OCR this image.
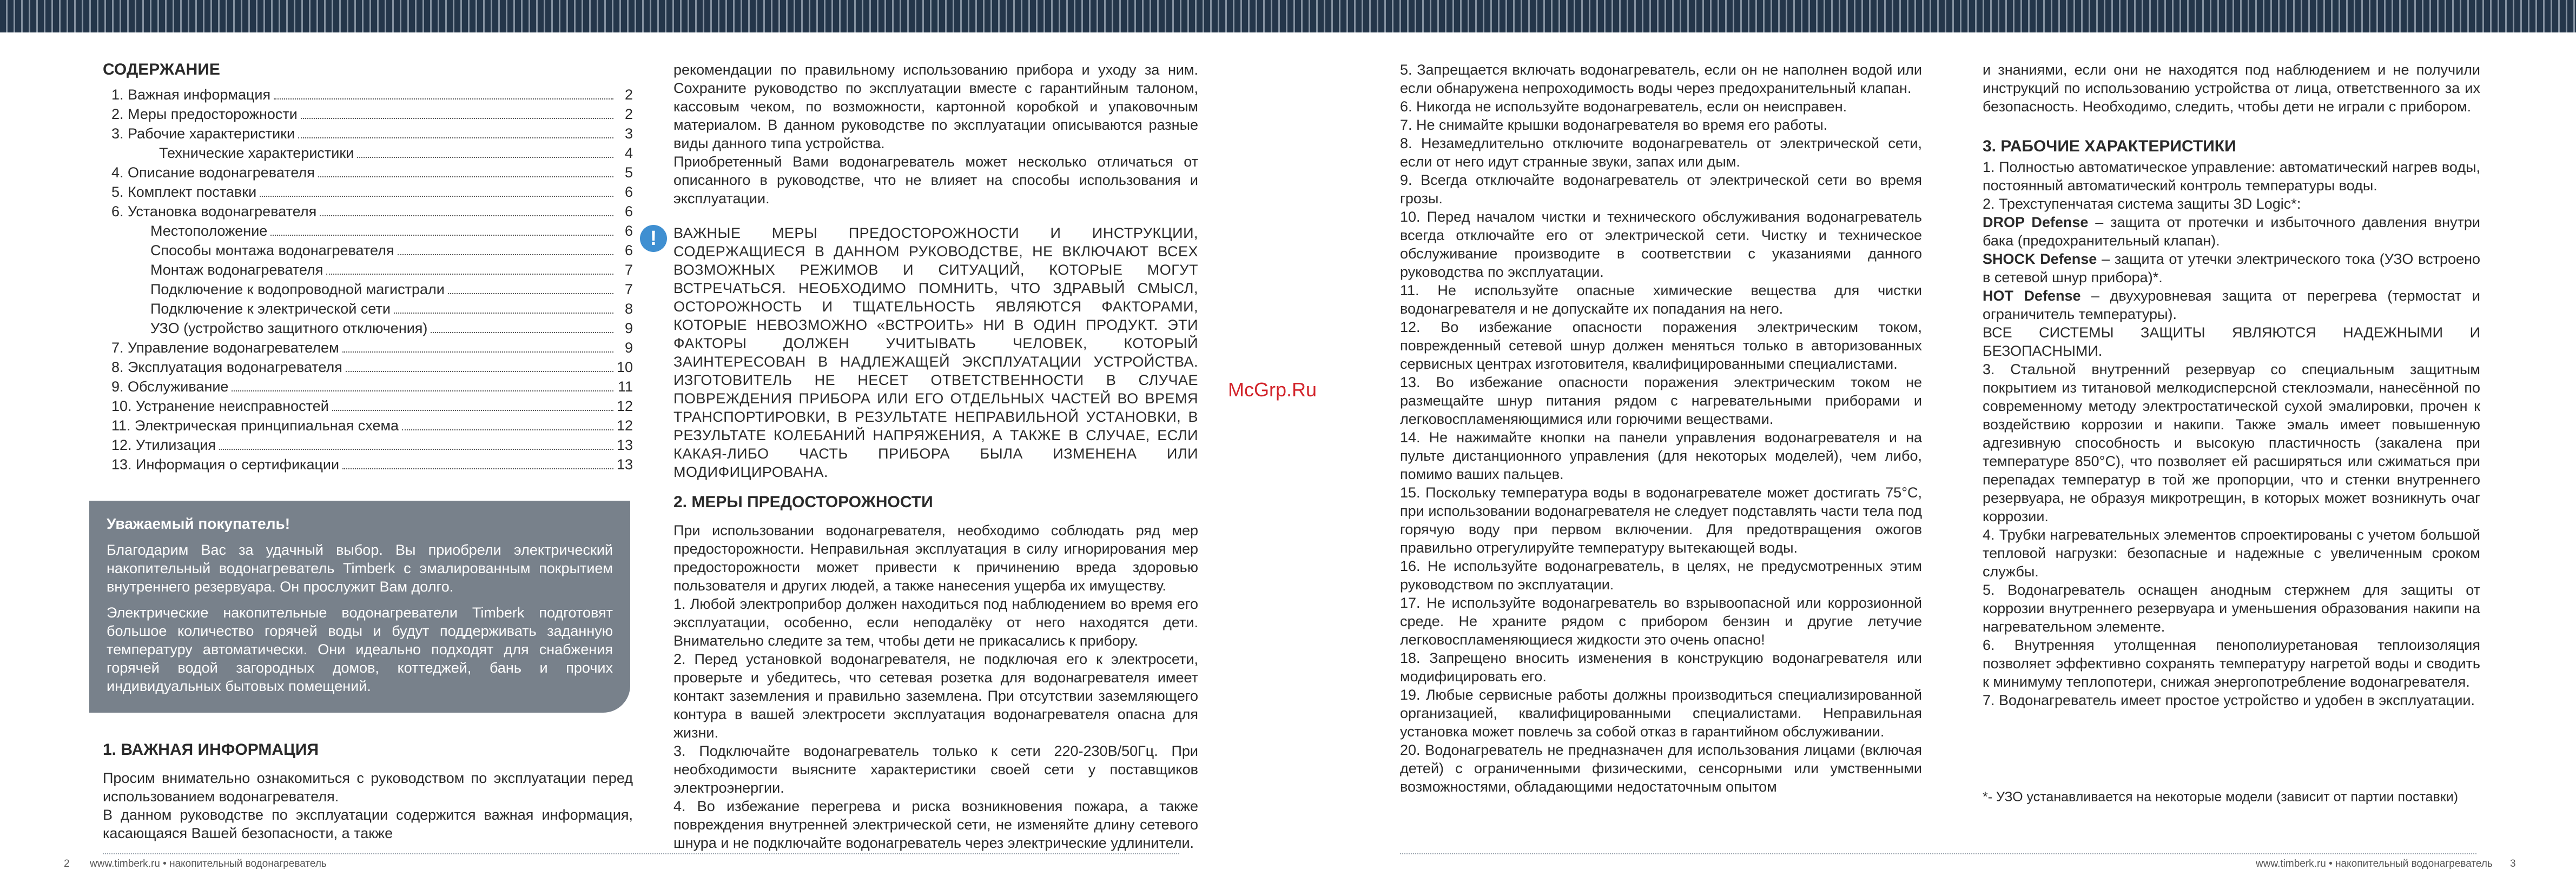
СОДЕРЖАНИЕ
1. Важная информация	2
2. Меры предосторожности	2
3. Рабочие характеристики	3
Технические характеристики	4
4. Описание водонагревателя	5
5. Комплект поставки	6
6. Установка водонагревателя	6
Местоположение	6
Способы монтажа водонагревателя	6
Монтаж водонагревателя	7
Подключение к водопроводной магистрали	7
Подключение к электрической сети	8
УЗО (устройство защитного отключения)	9
7. Управление водонагревателем	9
8. Эксплуатация водонагревателя	10
9. Обслуживание	11
10. Устранение неисправностей	12
11. Электрическая принципиальная схема	12
12. Утилизация	13
13. Информация о сертификации	13
Уважаемый покупатель!

Благодарим Вас за удачный выбор. Вы приобрели электрический накопительный водонагреватель Timberk с эмалированным покрытием внутреннего резервуара. Он прослужит Вам долго.

Электрические накопительные водонагреватели Timberk подготовят большое количество горячей воды и будут поддерживать заданную температуру автоматически. Они идеально подходят для снабжения горячей водой загородных домов, коттеджей, бань и прочих индивидуальных бытовых помещений.

1. ВАЖНАЯ ИНФОРМАЦИЯ

Просим внимательно ознакомиться с руководством по эксплуатации перед использованием водонагревателя.

В данном руководстве по эксплуатации содержится важная информация, касающаяся Вашей безопасности, а также

рекомендации по правильному использованию прибора и уходу за ним. Сохраните руководство по эксплуатации вместе с гарантийным талоном, кассовым чеком, по возможности, картонной коробкой и упаковочным материалом. В данном руководстве по эксплуатации описываются разные виды данного типа устройства.

Приобретенный Вами водонагреватель может несколько отличаться от описанного в руководстве, что не влияет на способы использования и эксплуатации.

!	ВАЖНЫЕ МЕРЫ ПРЕДОСТОРОЖНОСТИ И ИНСТРУКЦИИ, СОДЕРЖАЩИЕСЯ В ДАННОМ РУКОВОДСТВЕ, НЕ ВКЛЮЧАЮТ ВСЕХ ВОЗМОЖНЫХ РЕЖИМОВ И СИТУАЦИЙ, КОТОРЫЕ МОГУТ ВСТРЕЧАТЬСЯ. НЕОБХОДИМО ПОМНИТЬ, ЧТО ЗДРАВЫЙ СМЫСЛ, ОСТОРОЖНОСТЬ И ТЩАТЕЛЬНОСТЬ ЯВЛЯЮТСЯ ФАКТОРАМИ, КОТОРЫЕ НЕВОЗМОЖНО «ВСТРОИТЬ» НИ В ОДИН ПРОДУКТ. ЭТИ ФАКТОРЫ ДОЛЖЕН УЧИТЫВАТЬ ЧЕЛОВЕК, КОТОРЫЙ ЗАИНТЕРЕСОВАН В НАДЛЕЖАЩЕЙ ЭКСПЛУАТАЦИИ УСТРОЙСТВА. ИЗГОТОВИТЕЛЬ НЕ НЕСЕТ ОТВЕТСТВЕННОСТИ В СЛУЧАЕ ПОВРЕЖДЕНИЯ ПРИБОРА ИЛИ ЕГО ОТДЕЛЬНЫХ ЧАСТЕЙ ВО ВРЕМЯ ТРАНСПОРТИРОВКИ, В РЕЗУЛЬТАТЕ НЕПРАВИЛЬНОЙ УСТАНОВКИ, В РЕЗУЛЬТАТЕ КОЛЕБАНИЙ НАПРЯЖЕНИЯ, А ТАКЖЕ В СЛУЧАЕ, ЕСЛИ КАКАЯ-ЛИБО ЧАСТЬ ПРИБОРА БЫЛА ИЗМЕНЕНА ИЛИ МОДИФИЦИРОВАНА.

2. МЕРЫ ПРЕДОСТОРОЖНОСТИ

При использовании водонагревателя, необходимо соблюдать ряд мер предосторожности. Неправильная эксплуатация в силу игнорирования мер предосторожности может привести к причинению вреда здоровью пользователя и других людей, а также нанесения ущерба их имуществу.

1. Любой электроприбор должен находиться под наблюдением во время его эксплуатации, особенно, если неподалёку от него находятся дети. Внимательно следите за тем, чтобы дети не прикасались к прибору.

2. Перед установкой водонагревателя, не подключая его к электросети, проверьте и убедитесь, что сетевая розетка для водонагревателя имеет контакт заземления и правильно заземлена. При отсутствии заземляющего контура в вашей электросети эксплуатация водонагревателя опасна для жизни.

3. Подключайте водонагреватель только к сети 220-230В/50Гц. При необходимости выясните характеристики своей сети у поставщиков электроэнергии.

4. Во избежание перегрева и риска возникновения пожара, а также повреждения внутренней электрической сети, не изменяйте длину сетевого шнура и не подключайте водонагреватель через электрические удлинители.

McGrp.Ru

5. Запрещается включать водонагреватель, если он не наполнен водой или если обнаружена непроходимость воды через предохранительный клапан.

6. Никогда не используйте водонагреватель, если он неисправен.

7. Не снимайте крышки водонагревателя во время его работы.

8. Незамедлительно отключите водонагреватель от электрической сети, если от него идут странные звуки, запах или дым.

9. Всегда отключайте водонагреватель от электрической сети во время грозы.

10. Перед началом чистки и технического обслуживания водонагреватель всегда отключайте его от электрической сети. Чистку и техническое обслуживание производите в соответствии с указаниями данного руководства по эксплуатации.

11. Не используйте опасные химические вещества для чистки водонагревателя и не допускайте их попадания на него.

12. Во избежание опасности поражения электрическим током, поврежденный сетевой шнур должен меняться только в авторизованных сервисных центрах изготовителя, квалифицированными специалистами.

13. Во избежание опасности поражения электрическим током не размещайте шнур питания рядом с нагревательными приборами и легковоспламеняющимися или горючими веществами.

14. Не нажимайте кнопки на панели управления водонагревателя и на пульте дистанционного управления (для некоторых моделей), чем либо, помимо ваших пальцев.

15. Поскольку температура воды в водонагревателе может достигать 75°С, при использовании водонагревателя не следует подставлять части тела под горячую воду при первом включении. Для предотвращения ожогов правильно отрегулируйте температуру вытекающей воды.

16. Не используйте водонагреватель, в целях, не предусмотренных этим руководством по эксплуатации.

17. Не используйте водонагреватель во взрывоопасной или коррозионной среде. Не храните рядом с прибором бензин и другие летучие легковоспламеняющиеся жидкости это очень опасно!

18. Запрещено вносить изменения в конструкцию водонагревателя или модифицировать его.

19. Любые сервисные работы должны производиться специализированной организацией, квалифицированными специалистами. Неправильная установка может повлечь за собой отказ в гарантийном обслуживании.

20. Водонагреватель не предназначен для использования лицами (включая детей) с ограниченными физическими, сенсорными или умственными возможностями, обладающими недостаточным опытом

и знаниями, если они не находятся под наблюдением и не получили инструкций по использованию устройства от лица, ответственного за их безопасность. Необходимо, следить, чтобы дети не играли с прибором.

3. РАБОЧИЕ ХАРАКТЕРИСТИКИ

1. Полностью автоматическое управление: автоматический нагрев воды, постоянный автоматический контроль температуры воды.

2. Трехступенчатая система защиты 3D Logic*:

DROP Defense – защита от протечки и избыточного давления внутри бака (предохранительный клапан).

SHOCK Defense – защита от утечки электрического тока (УЗО встроено в сетевой шнур прибора)*.

HOT Defense – двухуровневая защита от перегрева (термостат и ограничитель температуры).

ВСЕ СИСТЕМЫ ЗАЩИТЫ ЯВЛЯЮТСЯ НАДЕЖНЫМИ И БЕЗОПАСНЫМИ.

3. Стальной внутренний резервуар со специальным защитным покрытием из титановой мелкодисперсной стеклоэмали, нанесённой по современному методу электростатической сухой эмалировки, прочен к воздействию коррозии и накипи. Также эмаль имеет повышенную адгезивную способность и высокую пластичность (закалена при температуре 850°С), что позволяет ей расширяться или сжиматься при перепадах температур в той же пропорции, что и стенки внутреннего резервуара, не образуя микротрещин, в которых может возникнуть очаг коррозии.

4. Трубки нагревательных элементов спроектированы с учетом большой тепловой нагрузки: безопасные и надежные с увеличенным сроком службы.

5. Водонагреватель оснащен анодным стержнем для защиты от коррозии внутреннего резервуара и уменьшения образования накипи на нагревательном элементе.

6. Внутренняя утолщенная пенополиуретановая теплоизоляция позволяет эффективно сохранять температуру нагретой воды и сводить к минимуму теплопотери, снижая энергопотребление водонагревателя.

7. Водонагреватель имеет простое устройство и удобен в эксплуатации.

*- УЗО устанавливается на некоторые модели (зависит от партии поставки)
2 www.timberk.ru • накопительный водонагреватель	www.timberk.ru • накопительный водонагреватель 3
